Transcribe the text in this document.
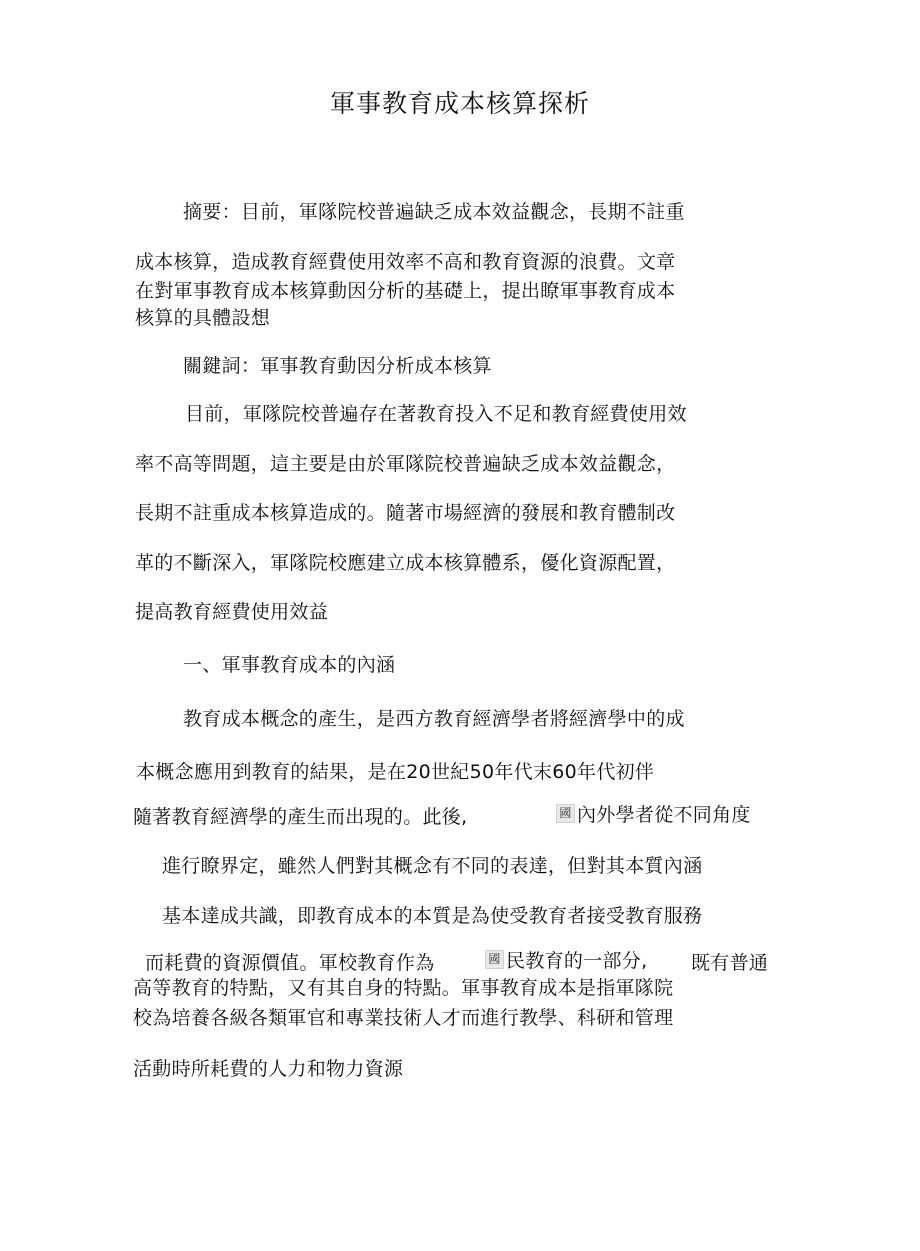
軍事教育成本核算探析
摘要：目前，軍隊院校普遍缺乏成本效益觀念，長期不註重
成本核算，造成教育經費使用效率不高和教育資源的浪費。文章
在對軍事教育成本核算動因分析的基礎上，提出瞭軍事教育成本
核算的具體設想
關鍵詞：軍事教育動因分析成本核算
目前，軍隊院校普遍存在著教育投入不足和教育經費使用效
率不高等問題，這主要是由於軍隊院校普遍缺乏成本效益觀念，
長期不註重成本核算造成的。隨著市場經濟的發展和教育體制改
革的不斷深入，軍隊院校應建立成本核算體系，優化資源配置，
提高教育經費使用效益
一、軍事教育成本的內涵
教育成本概念的產生，是西方教育經濟學者將經濟學中的成
本概念應用到教育的結果，是在20世紀50年代末60年代初伴
隨著教育經濟學的產生而出現的。此後,	國 內外學者從不同角度
進行瞭界定，雖然人們對其概念有不同的表達，但對其本質內涵
基本達成共識，即教育成本的本質是為使受教育者接受教育服務
而耗費的資源價值。軍校教育作為	國 民教育的一部分, 既有普通
高等教育的特點，又有其自身的特點。軍事教育成本是指軍隊院
校為培養各級各類軍官和專業技術人才而進行教學、科研和管理
活動時所耗費的人力和物力資源
